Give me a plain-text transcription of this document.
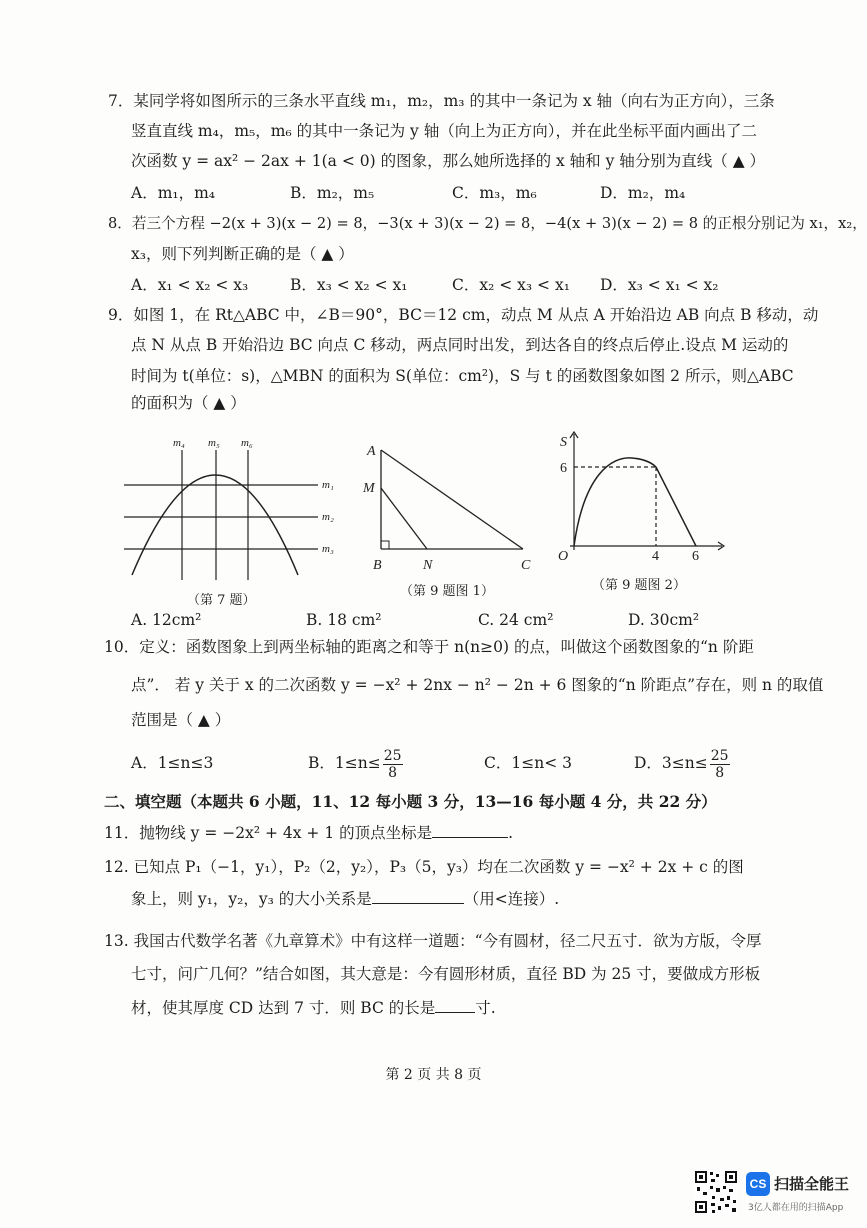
7．某同学将如图所示的三条水平直线 m₁，m₂，m₃ 的其中一条记为 x 轴（向右为正方向），三条
竖直直线 m₄，m₅，m₆ 的其中一条记为 y 轴（向上为正方向），并在此坐标平面内画出了二
次函数 y = ax² − 2ax + 1(a < 0) 的图象，那么她所选择的 x 轴和 y 轴分别为直线（ ▲ ）
A．m₁，m₄	B．m₂，m₅	C．m₃，m₆	D．m₂，m₄
8．若三个方程 −2(x + 3)(x − 2) = 8，−3(x + 3)(x − 2) = 8，−4(x + 3)(x − 2) = 8 的正根分别记为 x₁，x₂，
x₃，则下列判断正确的是（ ▲ ）
A．x₁ < x₂ < x₃	B．x₃ < x₂ < x₁	C．x₂ < x₃ < x₁ D．x₃ < x₁ < x₂
9．如图 1，在 Rt△ABC 中，∠B＝90°，BC＝12 cm，动点 M 从点 A 开始沿边 AB 向点 B 移动，动
点 N 从点 B 开始沿边 BC 向点 C 移动，两点同时出发，到达各自的终点后停止.设点 M 运动的
时间为 t(单位：s)，△MBN 的面积为 S(单位：cm²)，S 与 t 的函数图象如图 2 所示，则△ABC
的面积为（ ▲ ）
m₄ m₅ m₆
m₁
m₂
m₃
（第 7 题）
A
M
B	N	C
（第 9 题图 1）
S
6
O	4 6
（第 9 题图 2）
A. 12cm²	B. 18 cm²	C. 24 cm²	D. 30cm²
10．定义：函数图象上到两坐标轴的距离之和等于 n(n≥0) 的点，叫做这个函数图象的“n 阶距
点”． 若 y 关于 x 的二次函数 y = −x² + 2nx − n² − 2n + 6 图象的“n 阶距点”存在，则 n 的取值
范围是（ ▲ ）
A．1≤n≤3	B．$1\le n\le \frac{25}{8}$	C．1≤n< 3	D．$3\le n\le \frac{25}{8}$
二、填空题（本题共 6 小题，11、12 每小题 3 分，13—16 每小题 4 分，共 22 分）
11．抛物线 y = −2x² + 4x + 1 的顶点坐标是	.
12. 已知点 P₁（−1，y₁），P₂（2，y₂），P₃（5，y₃）均在二次函数 y = −x² + 2x + c 的图
象上，则 y₁，y₂，y₃ 的大小关系是	（用<连接）.
13. 我国古代数学名著《九章算术》中有这样一道题：“今有圆材，径二尺五寸．欲为方版，令厚
七寸，问广几何？”结合如图，其大意是：今有圆形材质，直径 BD 为 25 寸，要做成方形板
材，使其厚度 CD 达到 7 寸．则 BC 的长是	寸.
第 2 页 共 8 页
CS 扫描全能王
3亿人都在用的扫描App
